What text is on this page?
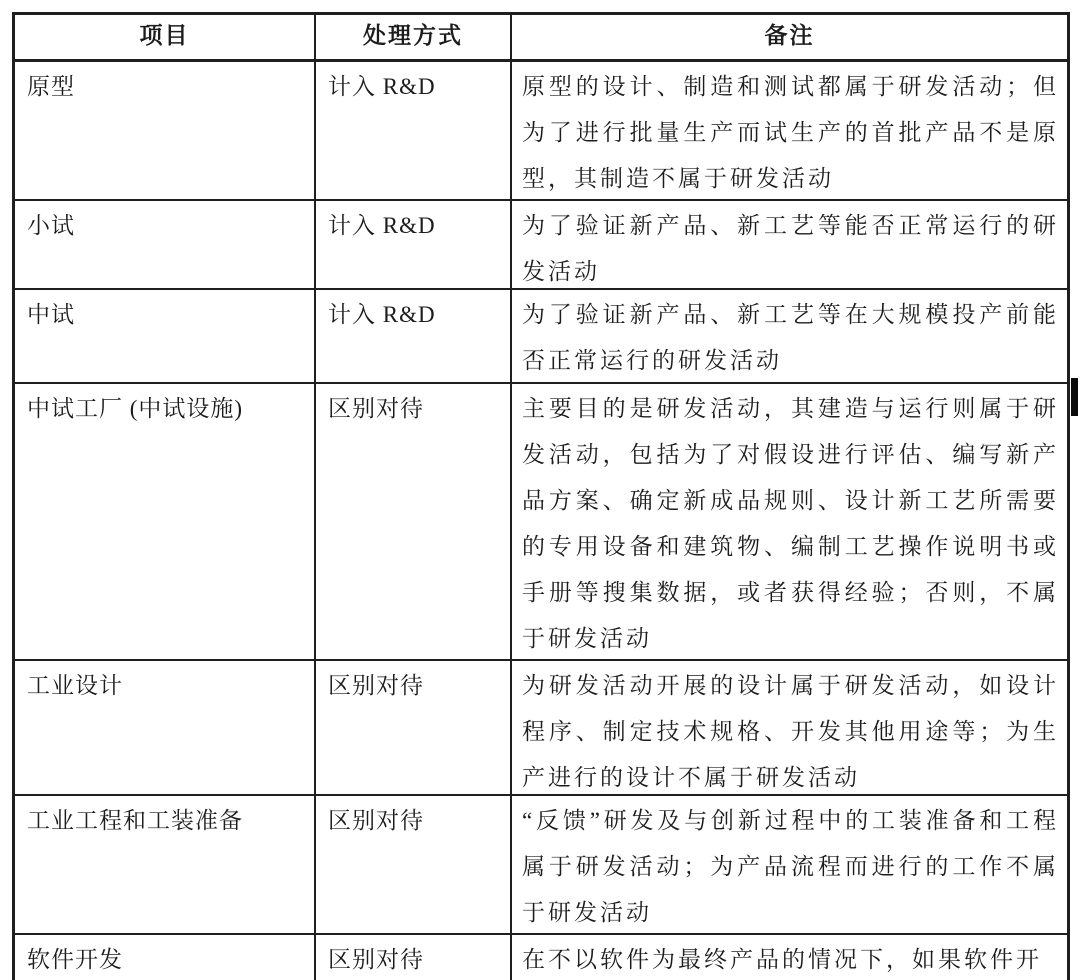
项目	处理方式	备注
原型	计入 R&D	原型的设计、制造和测试都属于研发活动；但为了进行批量生产而试生产的首批产品不是原型，其制造不属于研发活动
小试	计入 R&D	为了验证新产品、新工艺等能否正常运行的研发活动
中试	计入 R&D	为了验证新产品、新工艺等在大规模投产前能否正常运行的研发活动
中试工厂 (中试设施)	区别对待	主要目的是研发活动，其建造与运行则属于研发活动，包括为了对假设进行评估、编写新产品方案、确定新成品规则、设计新工艺所需要的专用设备和建筑物、编制工艺操作说明书或手册等搜集数据，或者获得经验；否则，不属于研发活动
工业设计	区别对待	为研发活动开展的设计属于研发活动，如设计程序、制定技术规格、开发其他用途等；为生产进行的设计不属于研发活动
工业工程和工装准备	区别对待	“反馈”研发及与创新过程中的工装准备和工程属于研发活动；为产品流程而进行的工作不属于研发活动
软件开发	区别对待	在不以软件为最终产品的情况下，如果软件开
